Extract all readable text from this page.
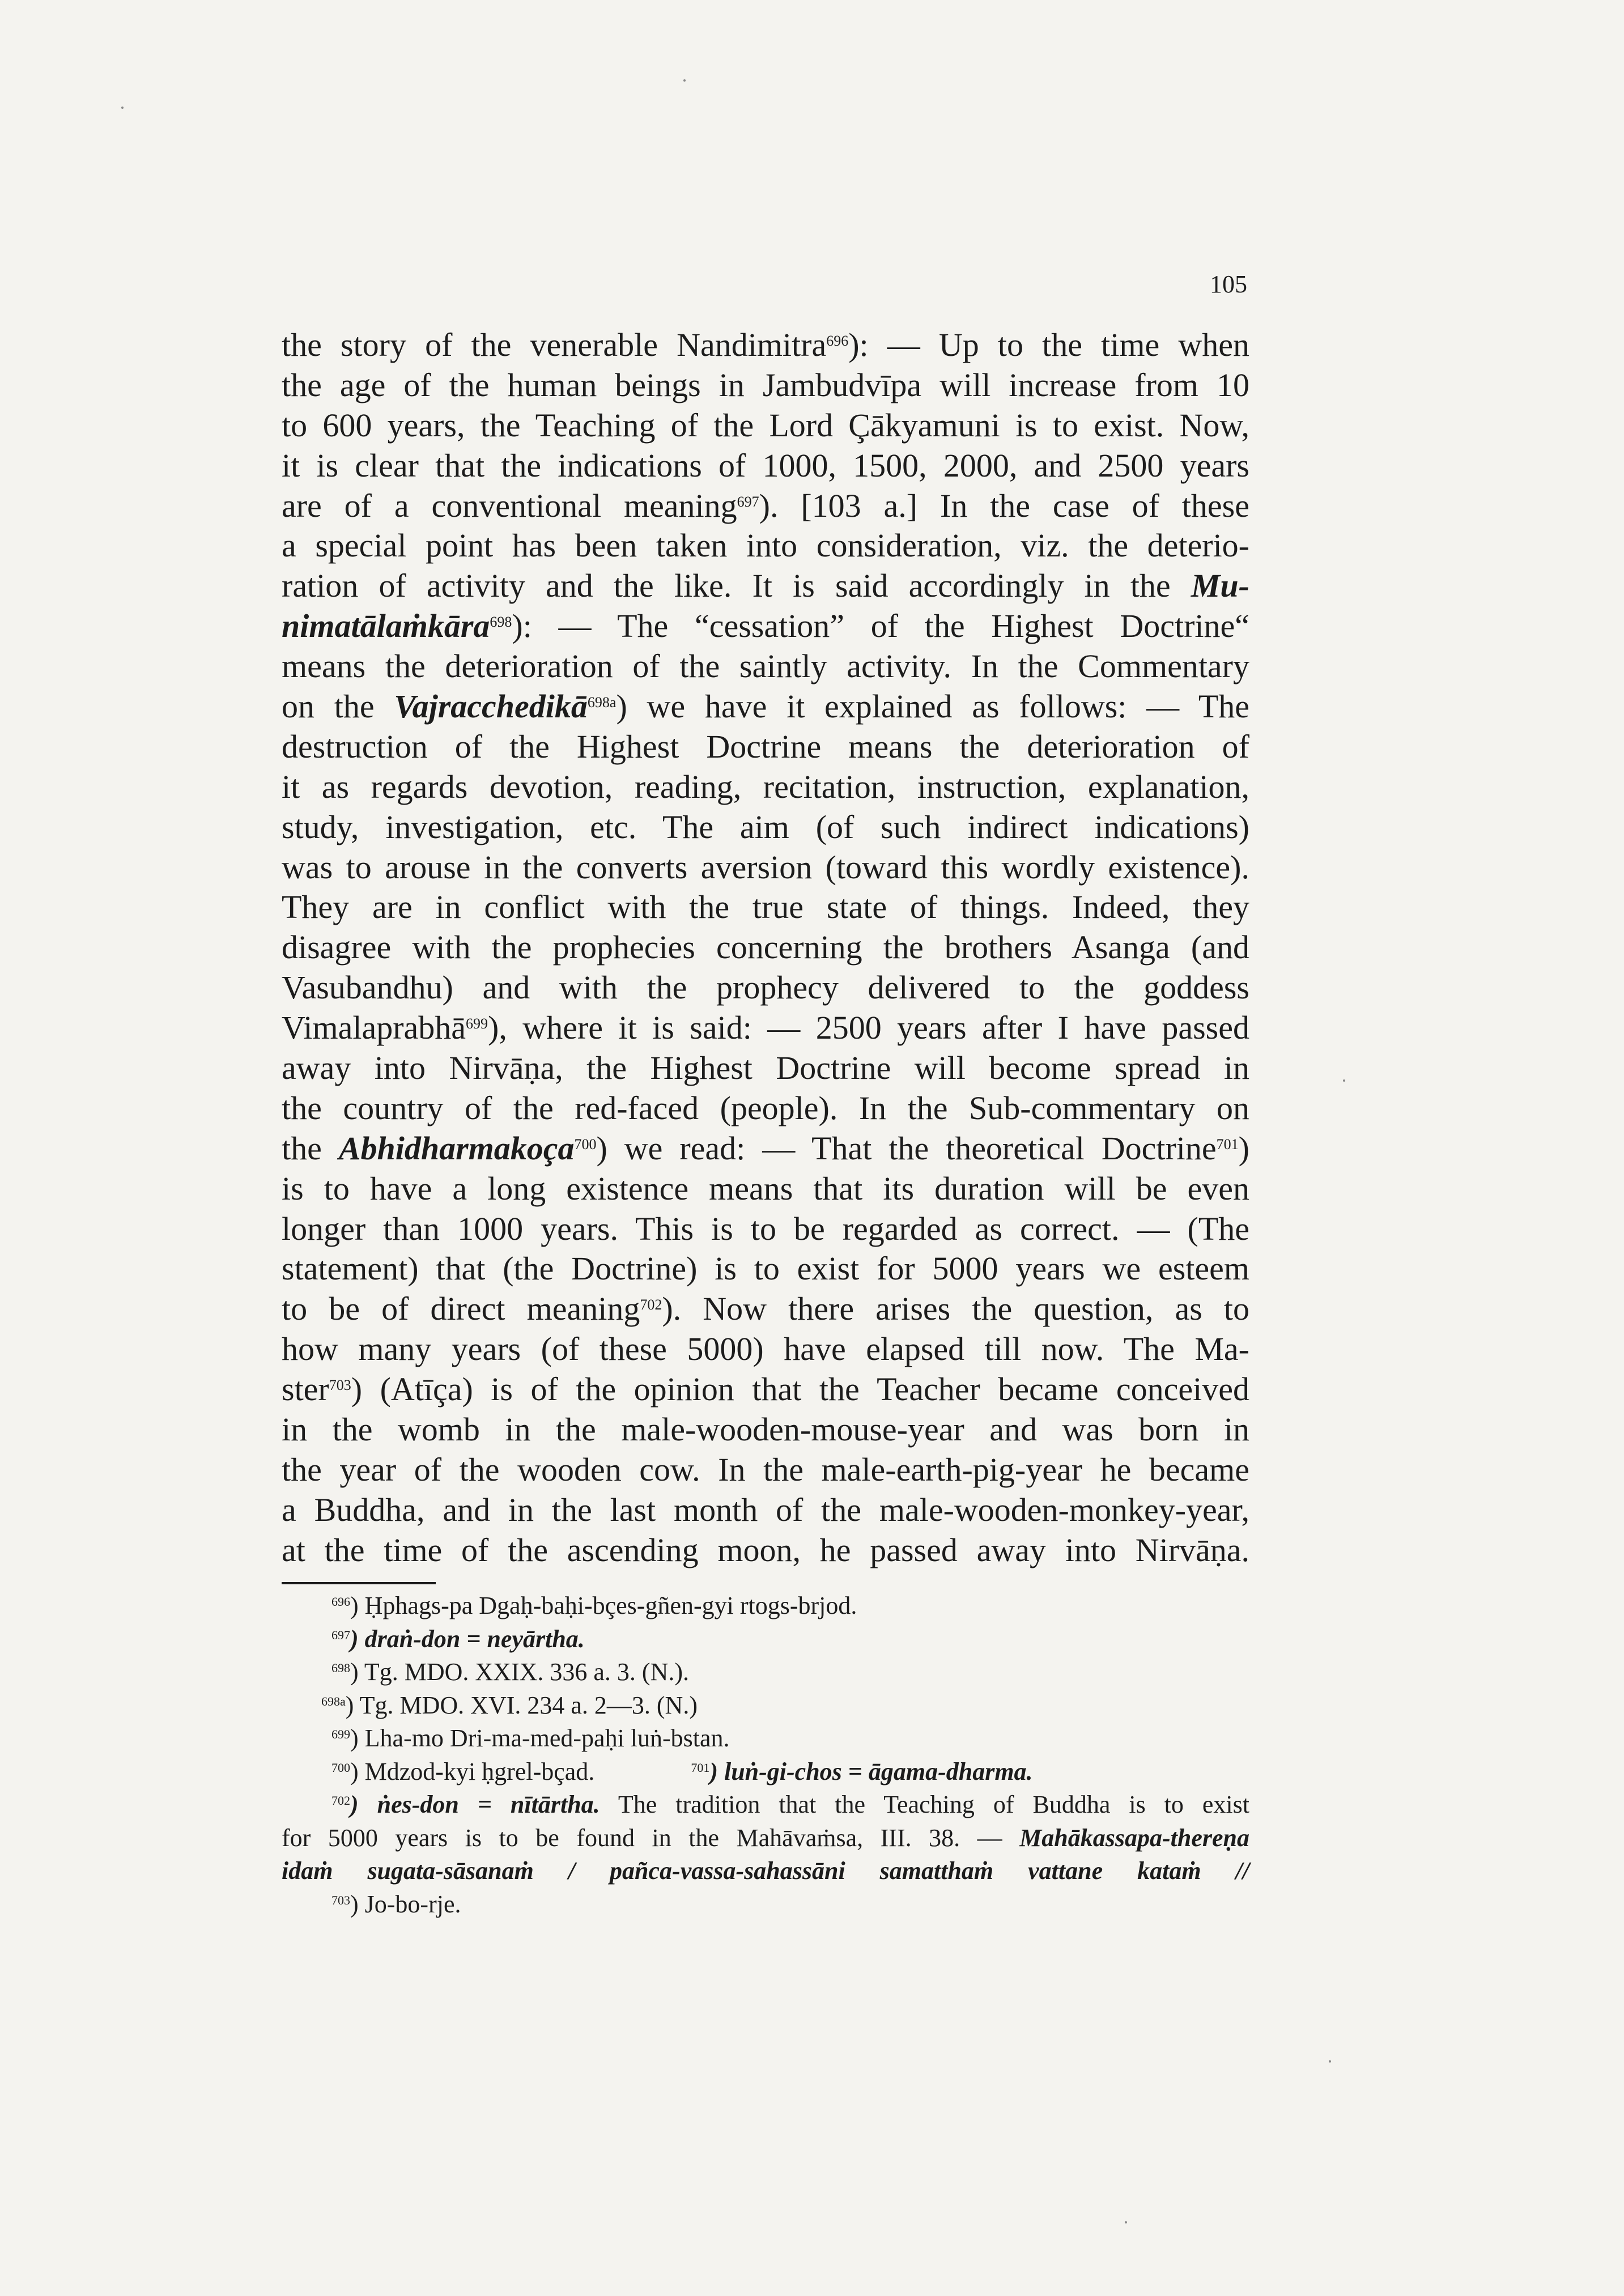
105
the story of the venerable Nandimitra$^{696}$): — Up to the time when
the age of the human beings in Jambudvīpa will increase from 10
to 600 years, the Teaching of the Lord Çākyamuni is to exist. Now,
it is clear that the indications of 1000, 1500, 2000, and 2500 years
are of a conventional meaning$^{697}$). [103 a.] In the case of these
a special point has been taken into consideration, viz. the deterio-
ration of activity and the like. It is said accordingly in the Mu-
nimatālaṁkāra$^{698}$): — The “cessation” of the Highest Doctrine“
means the deterioration of the saintly activity. In the Commentary
on the Vajracchedikā$^{698a}$) we have it explained as follows: — The
destruction of the Highest Doctrine means the deterioration of
it as regards devotion, reading, recitation, instruction, explanation,
study, investigation, etc. The aim (of such indirect indications)
was to arouse in the converts aversion (toward this wordly existence).
They are in conflict with the true state of things. Indeed, they
disagree with the prophecies concerning the brothers Asanga (and
Vasubandhu) and with the prophecy delivered to the goddess
Vimalaprabhā$^{699}$), where it is said: — 2500 years after I have passed
away into Nirvāṇa, the Highest Doctrine will become spread in
the country of the red-faced (people). In the Sub-commentary on
the Abhidharmakoça$^{700}$) we read: — That the theoretical Doctrine$^{701}$)
is to have a long existence means that its duration will be even
longer than 1000 years. This is to be regarded as correct. — (The
statement) that (the Doctrine) is to exist for 5000 years we esteem
to be of direct meaning$^{702}$). Now there arises the question, as to
how many years (of these 5000) have elapsed till now. The Ma-
ster$^{703}$) (Atīça) is of the opinion that the Teacher became conceived
in the womb in the male-wooden-mouse-year and was born in
the year of the wooden cow. In the male-earth-pig-year he became
a Buddha, and in the last month of the male-wooden-monkey-year,
at the time of the ascending moon, he passed away into Nirvāṇa.
$^{696}$) Ḥphags-pa Dgaḥ-baḥi-bçes-gñen-gyi rtogs-brjod.
$^{697}$) draṅ-don = neyārtha.
$^{698}$) Tg. MDO. XXIX. 336 a. 3. (N.).
$^{698a}$) Tg. MDO. XVI. 234 a. 2—3. (N.)
$^{699}$) Lha-mo Dri-ma-med-paḥi luṅ-bstan.
$^{700}$) Mdzod-kyi ḥgrel-bçad.	$^{701}$) luṅ-gi-chos = āgama-dharma.
$^{702}$) ṅes-don = nītārtha. The tradition that the Teaching of Buddha is to exist
for 5000 years is to be found in the Mahāvaṁsa, III. 38. — Mahākassapa-thereṇa
idaṁ sugata-sāsanaṁ / pañca-vassa-sahassāni samatthaṁ vattane kataṁ //
$^{703}$) Jo-bo-rje.
